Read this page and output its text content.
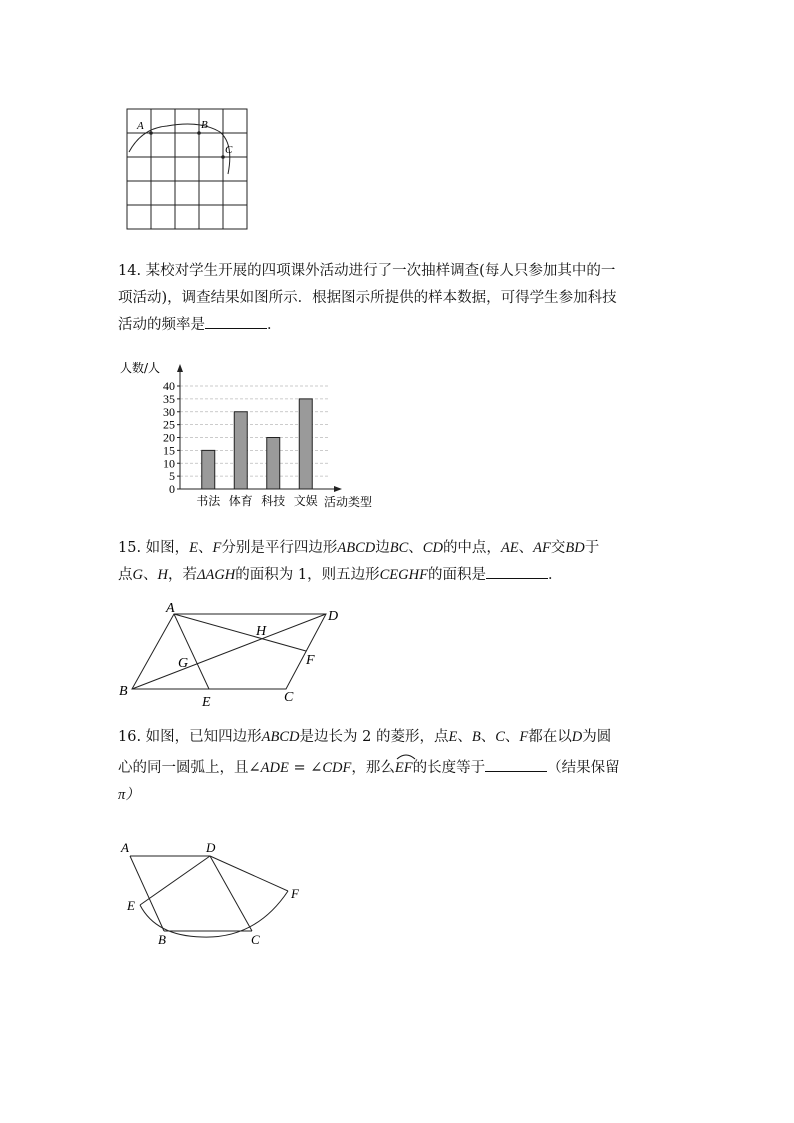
A	B
C
14. 某校对学生开展的四项课外活动进行了一次抽样调查(每人只参加其中的一
项活动)，调查结果如图所示．根据图示所提供的样本数据，可得学生参加科技
活动的频率是	．
0
5
10
15
20
25
30
35
40
书法 体育 科技 文娱
人数/人
活动类型
15. 如图，E、F分别是平行四边形ABCD边BC、CD的中点，AE、AF交BD于
点G、H，若ΔAGH的面积为 1，则五边形CEGHF的面积是	．
A
D
H
G	F
B
E	C
16. 如图，已知四边形ABCD是边长为 2 的菱形，点E、B、C、F都在以D为圆
心的同一圆弧上，且∠ADE = ∠CDF，那么
EF的长度等于	（结果保留
π）
A	D
E
F
B	C
